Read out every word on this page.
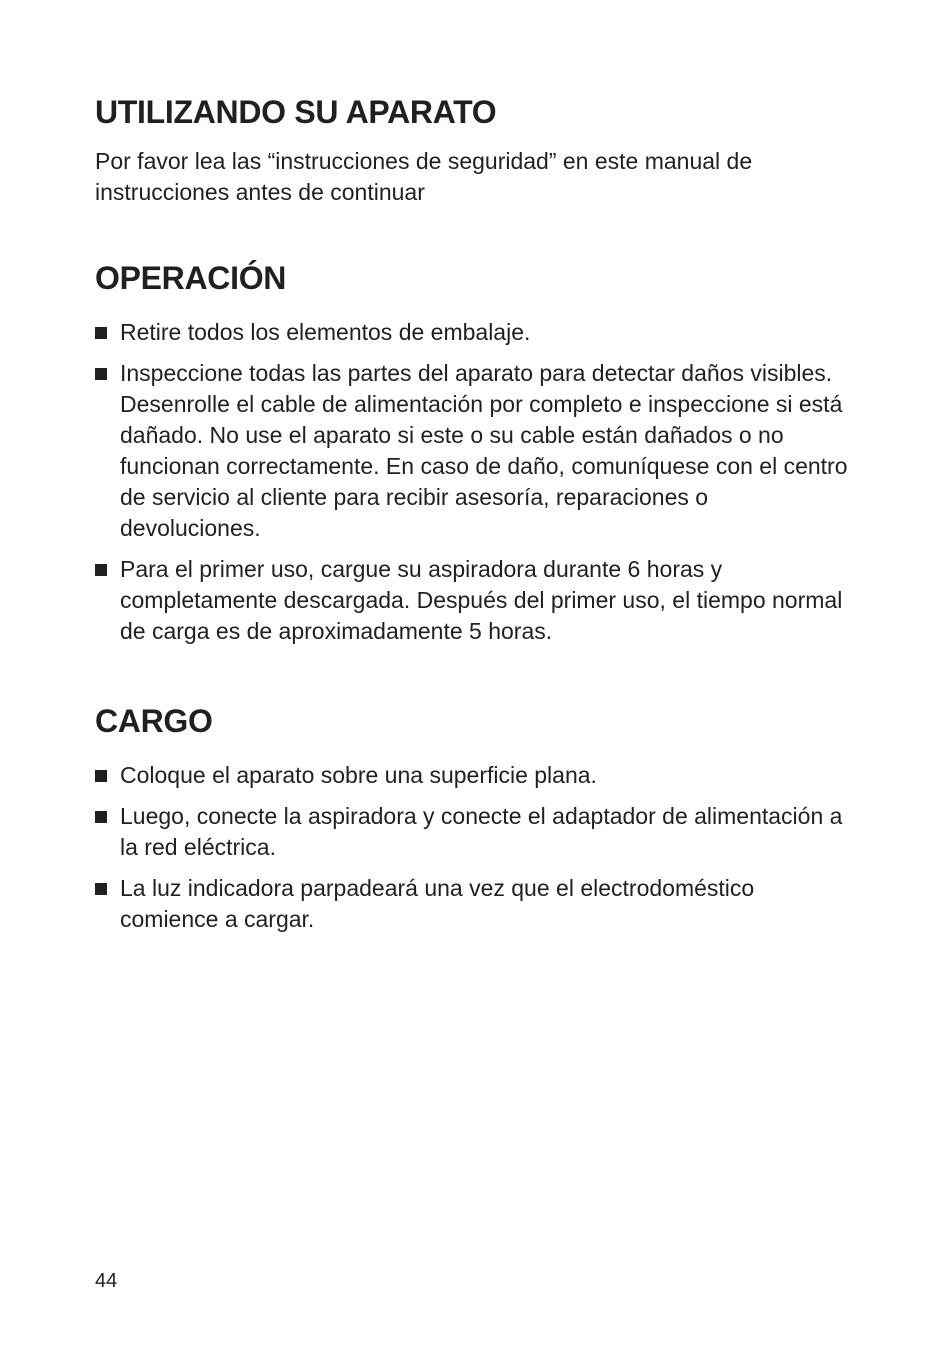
UTILIZANDO SU APARATO

Por favor lea las “instrucciones de seguridad” en este manual de instrucciones antes de continuar

OPERACIÓN
Retire todos los elementos de embalaje.
Inspeccione todas las partes del aparato para detectar daños visibles. Desenrolle el cable de alimentación por completo e inspeccione si está dañado. No use el aparato si este o su cable están dañados o no funcionan correctamente. En caso de daño, comuníquese con el centro de servicio al cliente para recibir asesoría, reparaciones o devoluciones.
Para el primer uso, cargue su aspiradora durante 6 horas y completamente descargada. Después del primer uso, el tiempo normal de carga es de aproximadamente 5 horas.
CARGO
Coloque el aparato sobre una superficie plana.
Luego, conecte la aspiradora y conecte el adaptador de alimentación a la red eléctrica.
La luz indicadora parpadeará una vez que el electrodoméstico comience a cargar.

44
